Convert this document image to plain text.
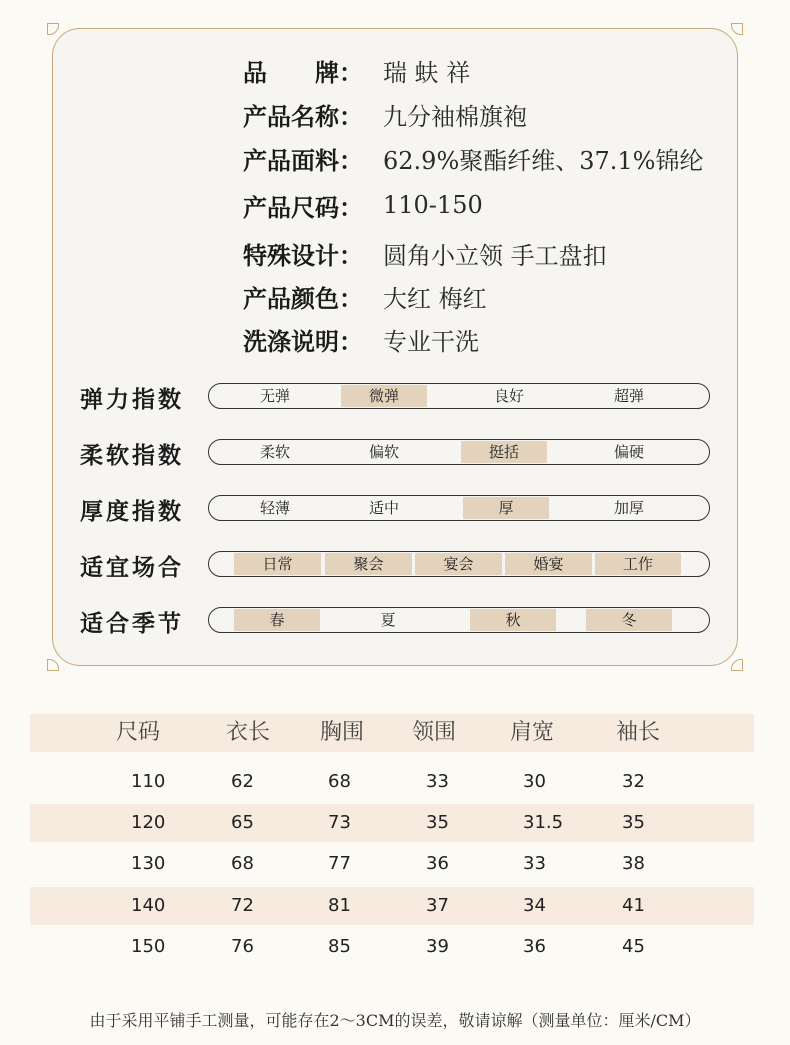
品　　牌： 瑞 蚨 祥
产品名称： 九分袖棉旗袍
产品面料： 62.9%聚酯纤维、37.1%锦纶
产品尺码： 110-150
特殊设计： 圆角小立领 手工盘扣
产品颜色： 大红 梅红
洗涤说明： 专业干洗
弹力指数	无弹	微弹	良好	超弹
柔软指数	柔软	偏软	挺括	偏硬
厚度指数	轻薄	适中	厚	加厚
适宜场合	日常	聚会	宴会	婚宴	工作
适合季节	春	夏	秋	冬
尺码	衣长 胸围 领围 肩宽	袖长
110	62	68	33	30	32
120	65	73	35	31.5	35
130	68	77	36	33	38
140	72	81	37	34	41
150	76	85	39	36	45
由于采用平铺手工测量，可能存在2～3CM的误差，敬请谅解（测量单位：厘米/CM）
